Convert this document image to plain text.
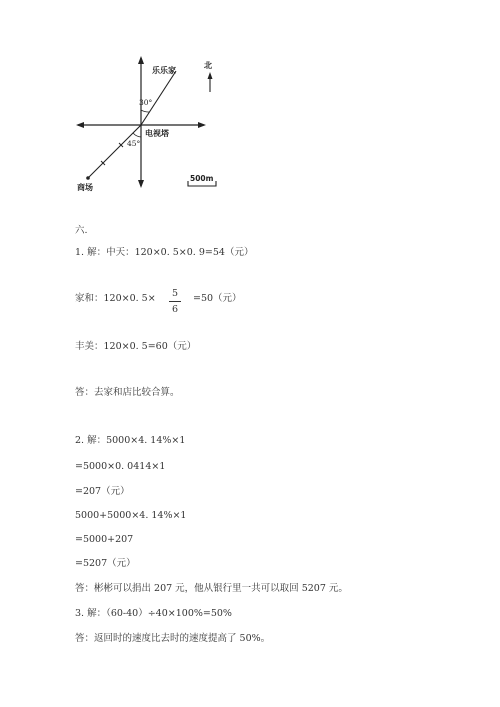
乐乐家
北
30°
电视塔
45°
商场
500m
六.
1. 解：中天：120×0. 5×0. 9=54（元）
家和：120×0. 5× 5
6
=50（元）
丰美：120×0. 5=60（元）
答：去家和店比较合算。
2. 解：5000×4. 14%×1
=5000×0. 0414×1
=207（元）
5000+5000×4. 14%×1
=5000+207
=5207（元）
答：彬彬可以捐出 207 元，他从银行里一共可以取回 5207 元。
3. 解：（60-40）÷40×100%=50%
答：返回时的速度比去时的速度提高了 50%。
